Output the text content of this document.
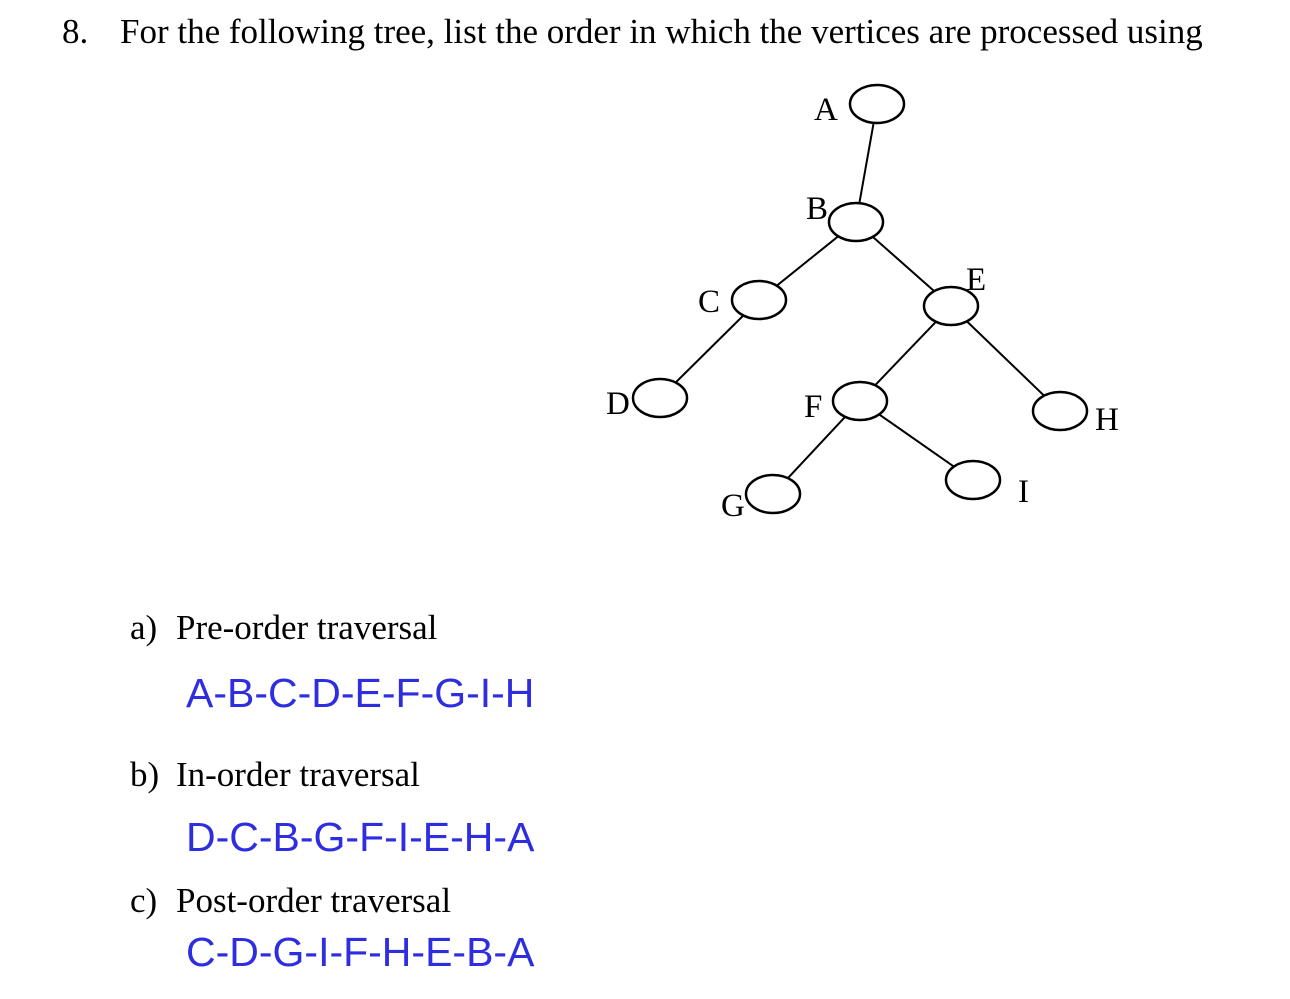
8. For the following tree, list the order in which the vertices are processed using
A
B
C
D
E
F
G
H
I
a) Pre-order traversal
A-B-C-D-E-F-G-I-H
b) In-order traversal
D-C-B-G-F-I-E-H-A
c) Post-order traversal
C-D-G-I-F-H-E-B-A
